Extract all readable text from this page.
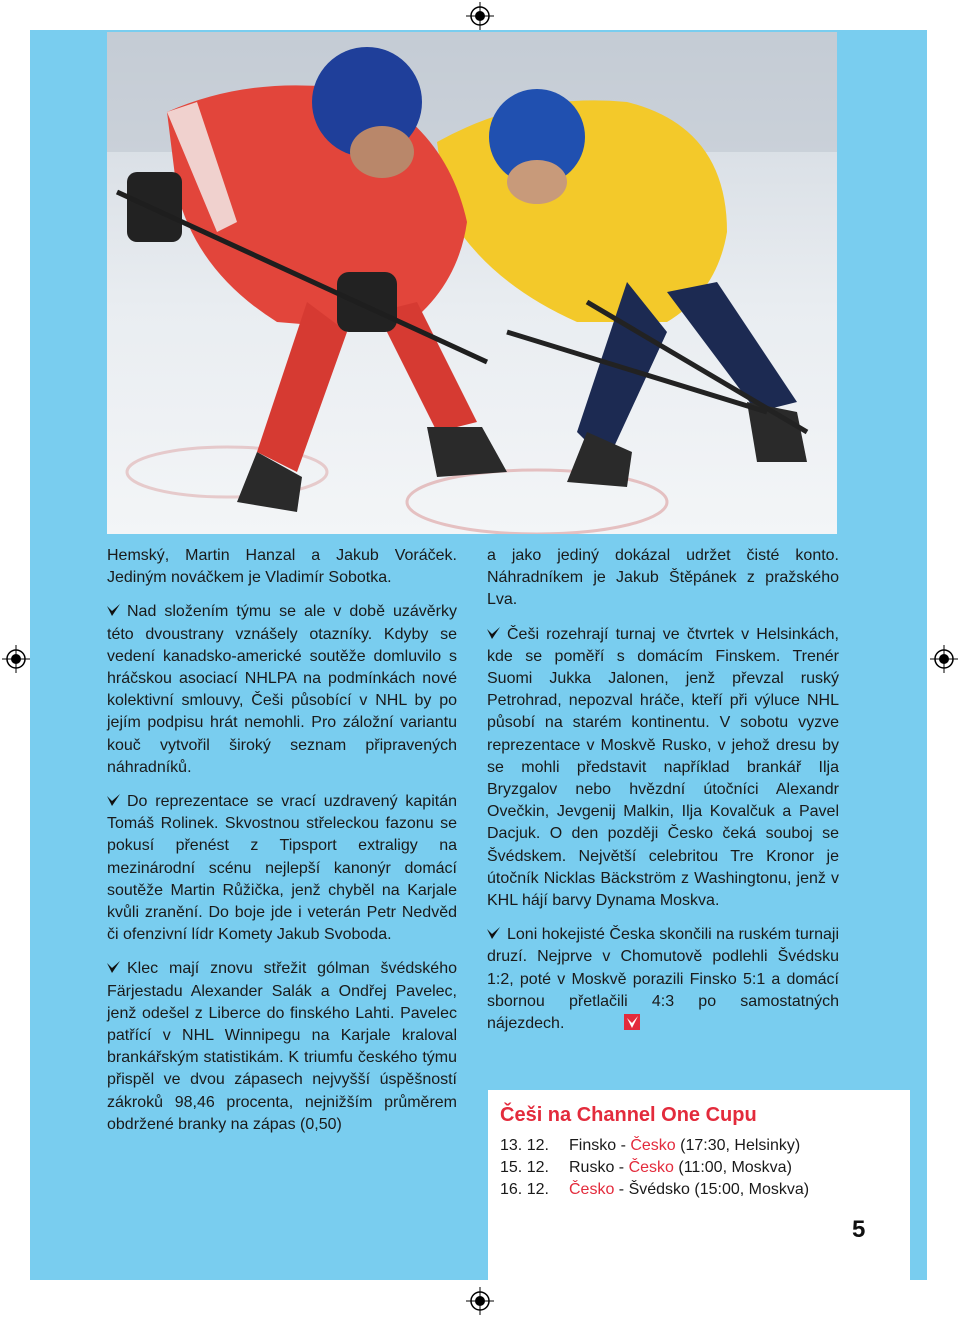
Hemský, Martin Hanzal a Jakub Voráček. Jediným nováčkem je Vladimír Sobotka.

Nad složením týmu se ale v době uzávěrky této dvoustrany vznášely otazníky. Kdyby se vedení kanadsko-americké soutěže domluvilo s hráčskou asociací NHLPA na podmínkách nové kolektivní smlouvy, Češi působící v NHL by po jejím podpisu hrát nemohli. Pro záložní variantu kouč vytvořil široký seznam připravených náhradníků.

Do reprezentace se vrací uzdravený kapitán Tomáš Rolinek. Skvostnou střeleckou fazonu se pokusí přenést z Tipsport extraligy na mezinárodní scénu nejlepší kanonýr domácí soutěže Martin Růžička, jenž chyběl na Karjale kvůli zranění. Do boje jde i veterán Petr Nedvěd či ofenzivní lídr Komety Jakub Svoboda.

Klec mají znovu střežit gólman švédského Färjestadu Alexander Salák a Ondřej Pavelec, jenž odešel z Liberce do finského Lahti. Pavelec patřící v NHL Winnipegu na Karjale kraloval brankářským statistikám. K triumfu českého týmu přispěl ve dvou zápasech nejvyšší úspěšností zákroků 98,46 procenta, nejnižším průměrem obdržené branky na zápas (0,50)

a jako jediný dokázal udržet čisté konto. Náhradníkem je Jakub Štěpánek z pražského Lva.

Češi rozehrají turnaj ve čtvrtek v Helsinkách, kde se poměří s domácím Finskem. Trenér Suomi Jukka Jalonen, jenž převzal ruský Petrohrad, nepozval hráče, kteří při výluce NHL působí na starém kontinentu. V sobotu vyzve reprezentace v Moskvě Rusko, v jehož dresu by se mohli představit například brankář Ilja Bryzgalov nebo hvězdní útočníci Alexandr Ovečkin, Jevgenij Malkin, Ilja Kovalčuk a Pavel Dacjuk. O den později Česko čeká souboj se Švédskem. Největší celebritou Tre Kronor je útočník Nicklas Bäckström z Washingtonu, jenž v KHL hájí barvy Dynama Moskva.

Loni hokejisté Česka skončili na ruském turnaji druzí. Nejprve v Chomutově podlehli Švédsku 1:2, poté v Moskvě porazili Finsko 5:1 a domácí sbornou přetlačili 4:3 po samostatných nájezdech.

Češi na Channel One Cupu
13. 12. Finsko - Česko (17:30, Helsinky)
15. 12. Rusko - Česko (11:00, Moskva)
16. 12. Česko - Švédsko (15:00, Moskva)
5
